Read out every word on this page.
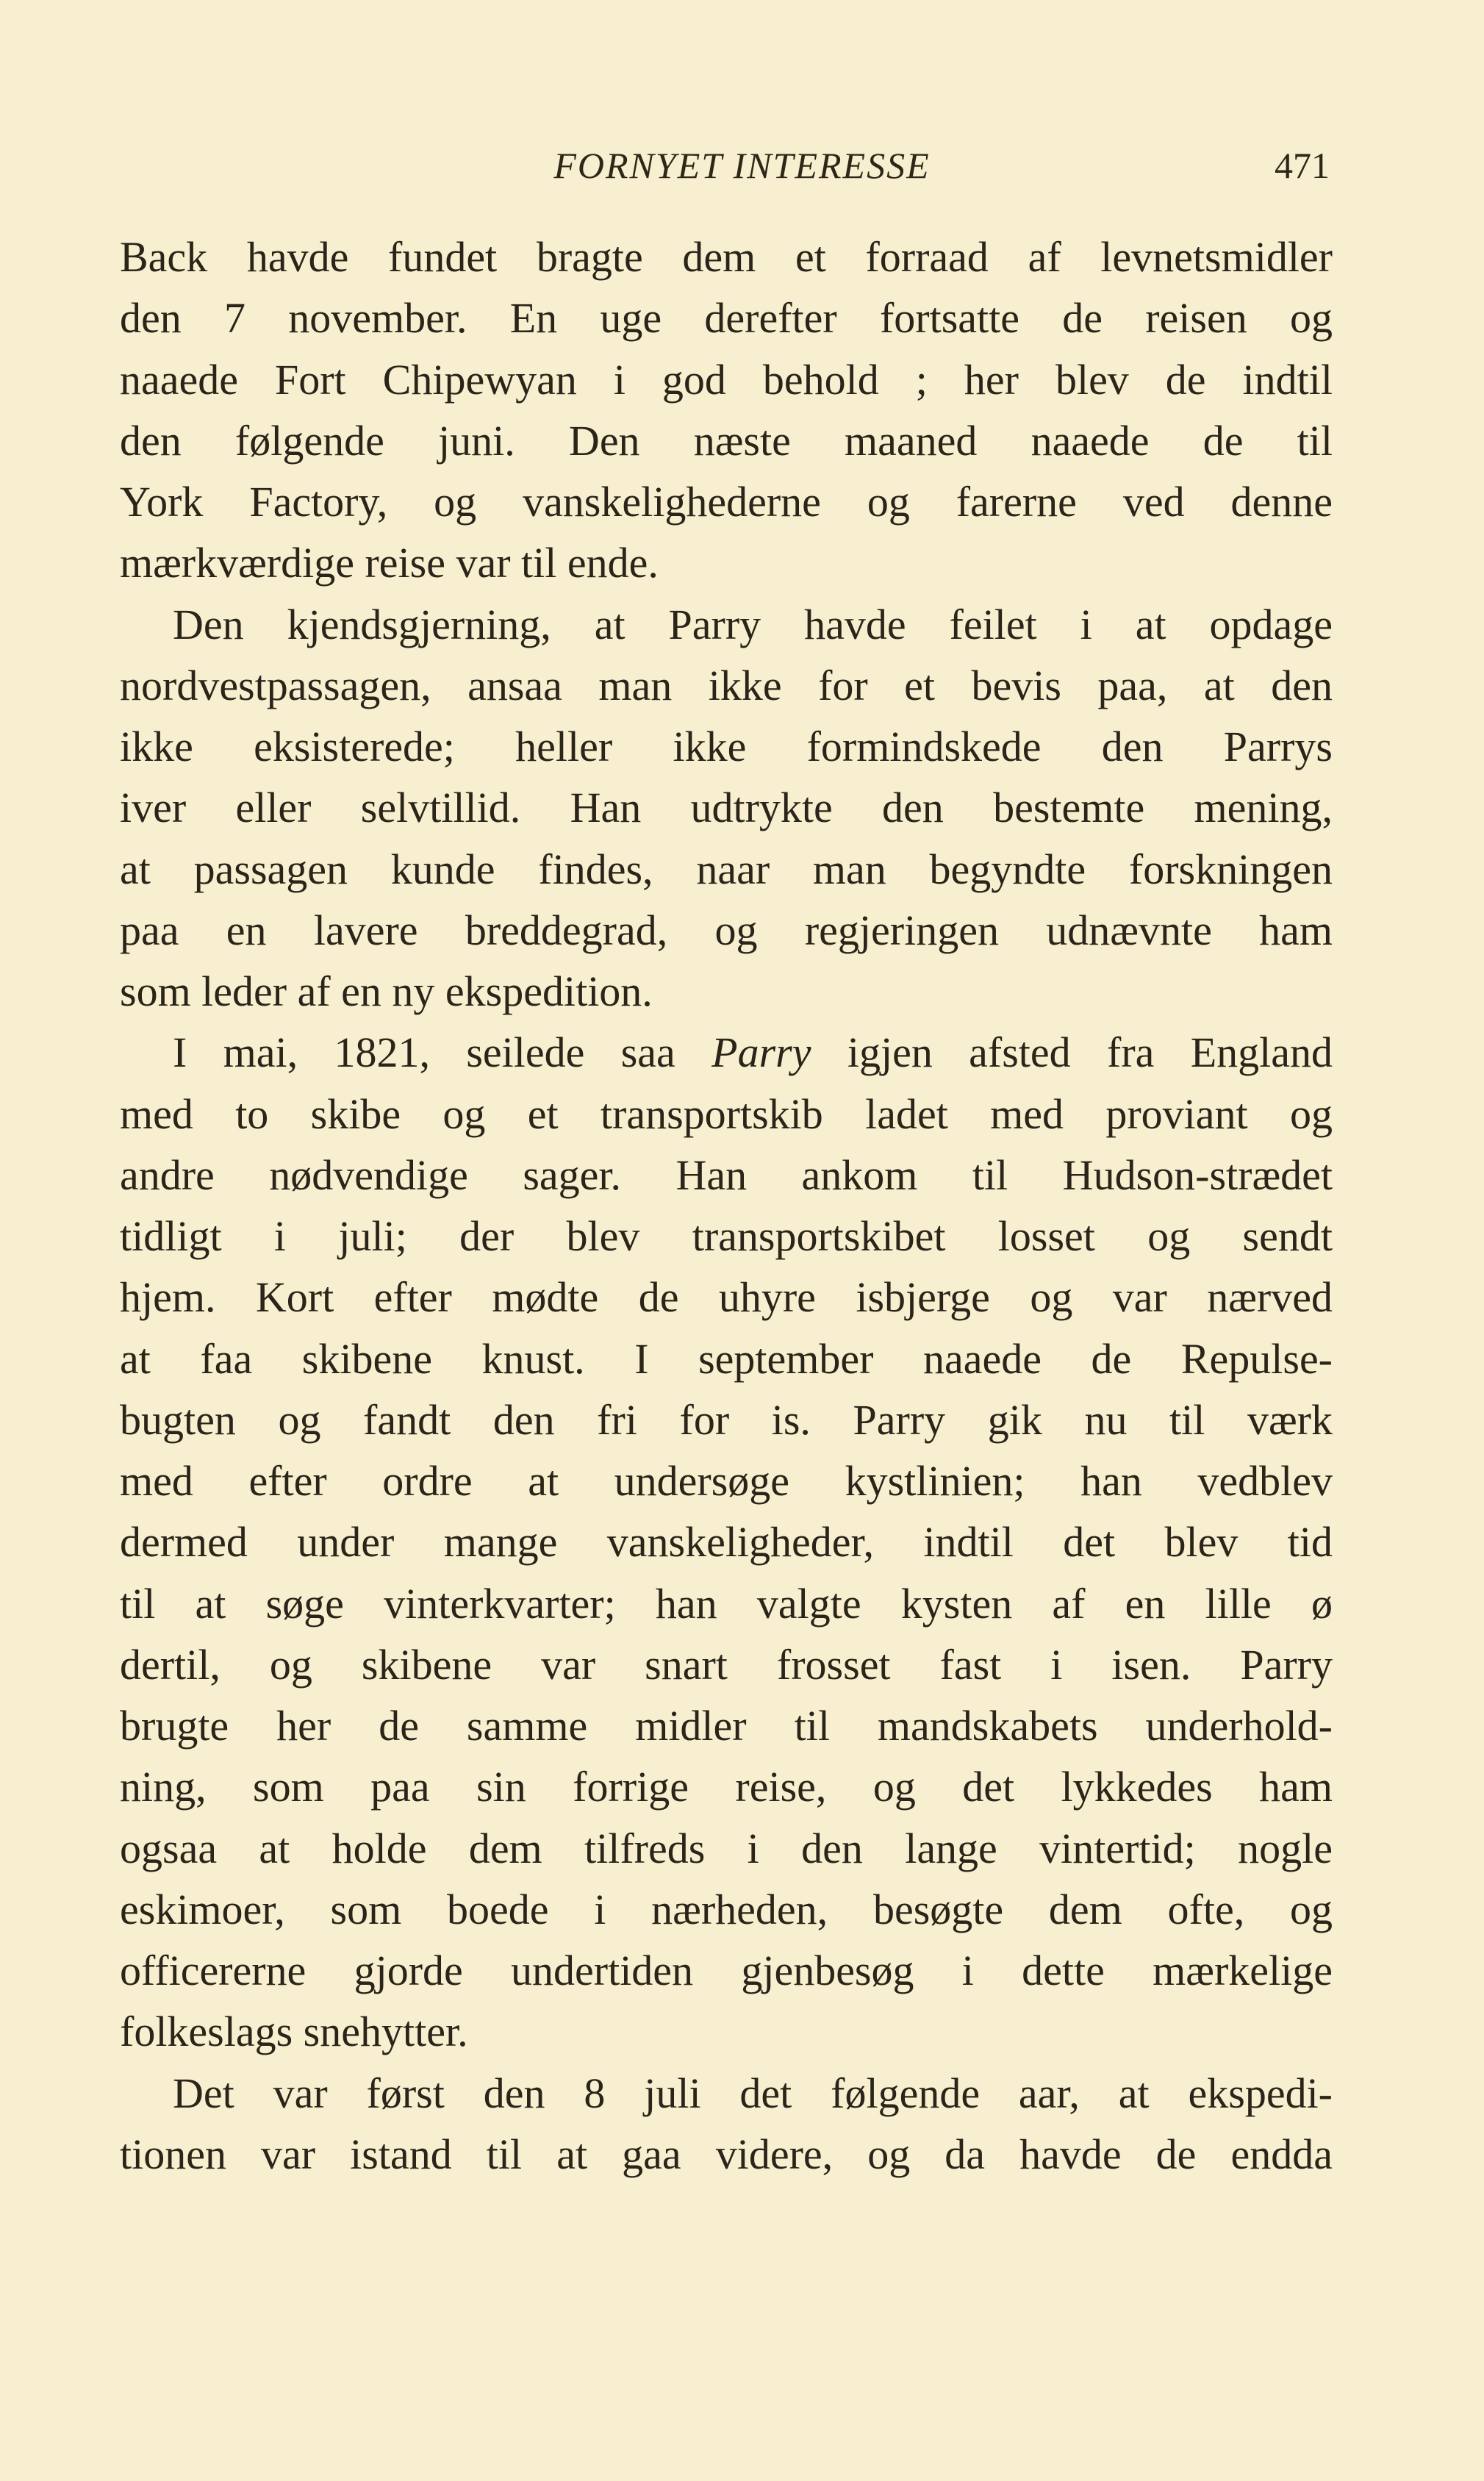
FORNYET INTERESSE	471
Back havde fundet bragte dem et forraad af levnetsmidler
den 7 november. En uge derefter fortsatte de reisen og
naaede Fort Chipewyan i god behold ; her blev de indtil
den følgende juni. Den næste maaned naaede de til
York Factory, og vanskelighederne og farerne ved denne
mærkværdige reise var til ende.
Den kjendsgjerning, at Parry havde feilet i at opdage
nordvestpassagen, ansaa man ikke for et bevis paa, at den
ikke eksisterede; heller ikke formindskede den Parrys
iver eller selvtillid. Han udtrykte den bestemte mening,
at passagen kunde findes, naar man begyndte forskningen
paa en lavere breddegrad, og regjeringen udnævnte ham
som leder af en ny ekspedition.
I mai, 1821, seilede saa Parry igjen afsted fra England
med to skibe og et transportskib ladet med proviant og
andre nødvendige sager. Han ankom til Hudson-strædet
tidligt i juli; der blev transportskibet losset og sendt
hjem. Kort efter mødte de uhyre isbjerge og var nærved
at faa skibene knust. I september naaede de Repulse-
bugten og fandt den fri for is. Parry gik nu til værk
med efter ordre at undersøge kystlinien; han vedblev
dermed under mange vanskeligheder, indtil det blev tid
til at søge vinterkvarter; han valgte kysten af en lille ø
dertil, og skibene var snart frosset fast i isen. Parry
brugte her de samme midler til mandskabets underhold-
ning, som paa sin forrige reise, og det lykkedes ham
ogsaa at holde dem tilfreds i den lange vintertid; nogle
eskimoer, som boede i nærheden, besøgte dem ofte, og
officererne gjorde undertiden gjenbesøg i dette mærkelige
folkeslags snehytter.
Det var først den 8 juli det følgende aar, at ekspedi-
tionen var istand til at gaa videre, og da havde de endda
